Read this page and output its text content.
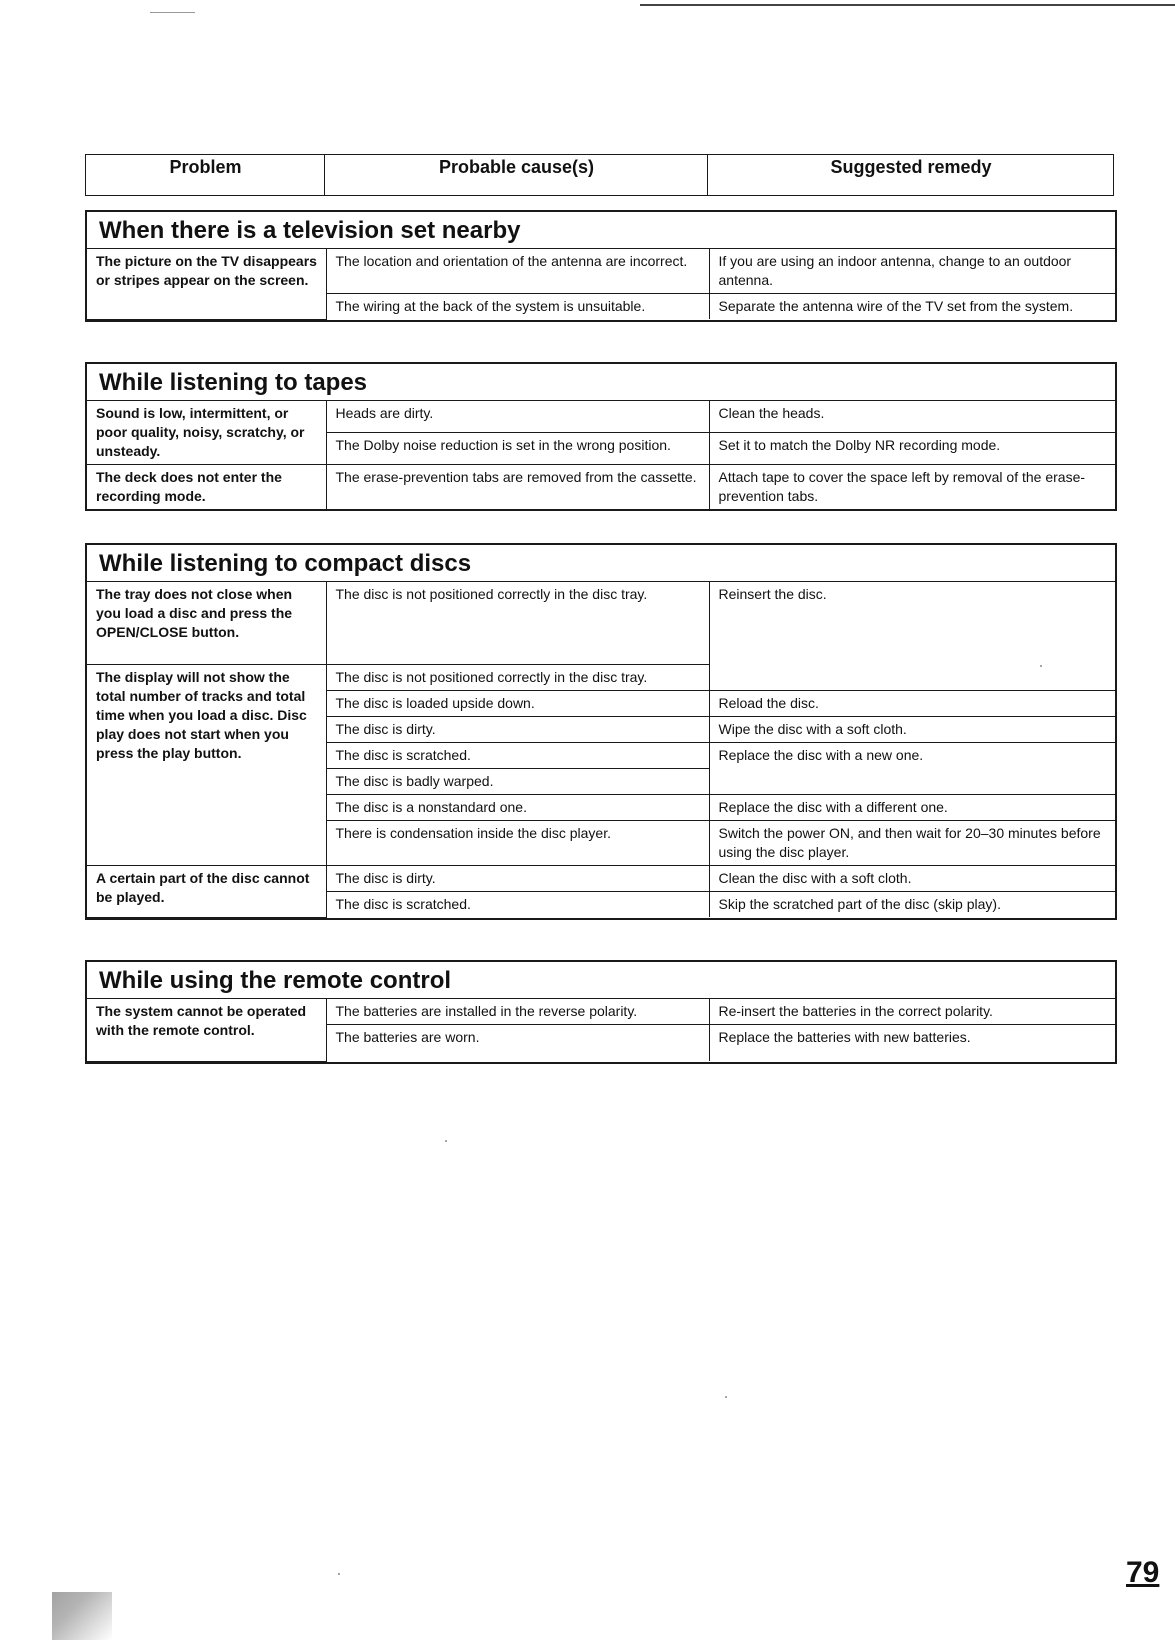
Problem	Probable cause(s)	Suggested remedy
When there is a television set nearby
The picture on the TV disappears or stripes appear on the screen.	The location and orientation of the antenna are incorrect.	If you are using an indoor antenna, change to an outdoor antenna.
	The wiring at the back of the system is unsuitable.	Separate the antenna wire of the TV set from the system.
While listening to tapes
Sound is low, intermittent, or poor quality, noisy, scratchy, or unsteady.	Heads are dirty.	Clean the heads.
	The Dolby noise reduction is set in the wrong position.	Set it to match the Dolby NR recording mode.
The deck does not enter the recording mode.	The erase-prevention tabs are removed from the cassette.	Attach tape to cover the space left by removal of the erase-prevention tabs.
While listening to compact discs
The tray does not close when you load a disc and press the OPEN/CLOSE button.	The disc is not positioned correctly in the disc tray.	Reinsert the disc.
The display will not show the total number of tracks and total time when you load a disc. Disc play does not start when you press the play button.	The disc is not positioned correctly in the disc tray.	
	The disc is loaded upside down.	Reload the disc.
	The disc is dirty.	Wipe the disc with a soft cloth.
	The disc is scratched.	Replace the disc with a new one.
	The disc is badly warped.	
	The disc is a nonstandard one.	Replace the disc with a different one.
	There is condensation inside the disc player.	Switch the power ON, and then wait for 20–30 minutes before using the disc player.
A certain part of the disc cannot be played.	The disc is dirty.	Clean the disc with a soft cloth.
	The disc is scratched.	Skip the scratched part of the disc (skip play).
While using the remote control
The system cannot be operated with the remote control.	The batteries are installed in the reverse polarity.	Re-insert the batteries in the correct polarity.
	The batteries are worn.	Replace the batteries with new batteries.
79
